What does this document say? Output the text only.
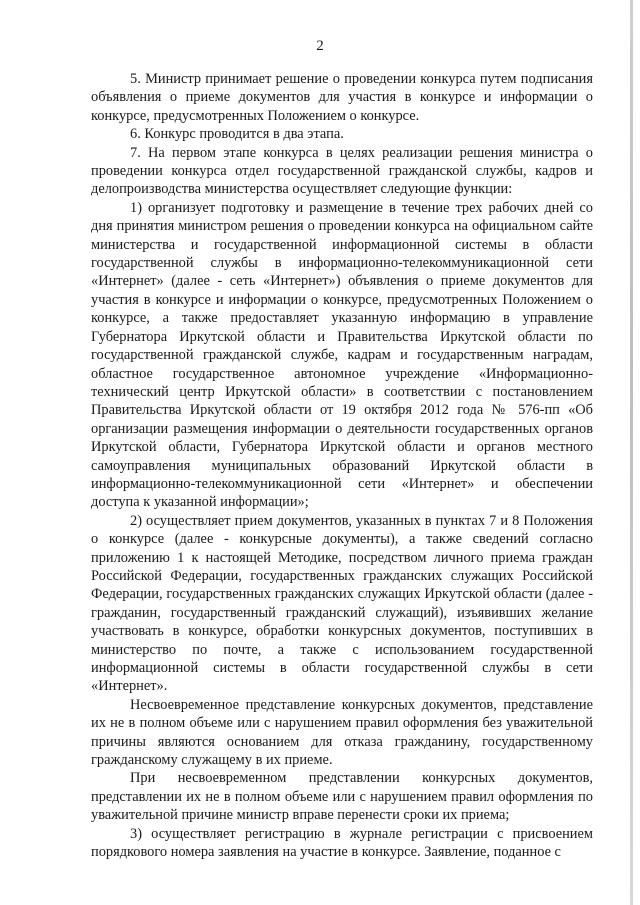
2

5. Министр принимает решение о проведении конкурса путем подписания объявления о приеме документов для участия в конкурсе и информации о конкурсе, предусмотренных Положением о конкурсе.

6. Конкурс проводится в два этапа.

7. На первом этапе конкурса в целях реализации решения министра о проведении конкурса отдел государственной гражданской службы, кадров и делопроизводства министерства осуществляет следующие функции:

1) организует подготовку и размещение в течение трех рабочих дней со дня принятия министром решения о проведении конкурса на официальном сайте министерства и государственной информационной системы в области государственной службы в информационно-телекоммуникационной сети «Интернет» (далее - сеть «Интернет») объявления о приеме документов для участия в конкурсе и информации о конкурсе, предусмотренных Положением о конкурсе, а также предоставляет указанную информацию в управление Губернатора Иркутской области и Правительства Иркутской области по государственной гражданской службе, кадрам и государственным наградам, областное государственное автономное учреждение «Информационно-технический центр Иркутской области» в соответствии с постановлением Правительства Иркутской области от 19 октября 2012 года № 576-пп «Об организации размещения информации о деятельности государственных органов Иркутской области, Губернатора Иркутской области и органов местного самоуправления муниципальных образований Иркутской области в информационно-телекоммуникационной сети «Интернет» и обеспечении доступа к указанной информации»;

2) осуществляет прием документов, указанных в пунктах 7 и 8 Положения о конкурсе (далее - конкурсные документы), а также сведений согласно приложению 1 к настоящей Методике, посредством личного приема граждан Российской Федерации, государственных гражданских служащих Российской Федерации, государственных гражданских служащих Иркутской области (далее - гражданин, государственный гражданский служащий), изъявивших желание участвовать в конкурсе, обработки конкурсных документов, поступивших в министерство по почте, а также с использованием государственной информационной системы в области государственной службы в сети «Интернет».

Несвоевременное представление конкурсных документов, представление их не в полном объеме или с нарушением правил оформления без уважительной причины являются основанием для отказа гражданину, государственному гражданскому служащему в их приеме.

При несвоевременном представлении конкурсных документов, представлении их не в полном объеме или с нарушением правил оформления по уважительной причине министр вправе перенести сроки их приема;

3) осуществляет регистрацию в журнале регистрации с присвоением порядкового номера заявления на участие в конкурсе. Заявление, поданное с
